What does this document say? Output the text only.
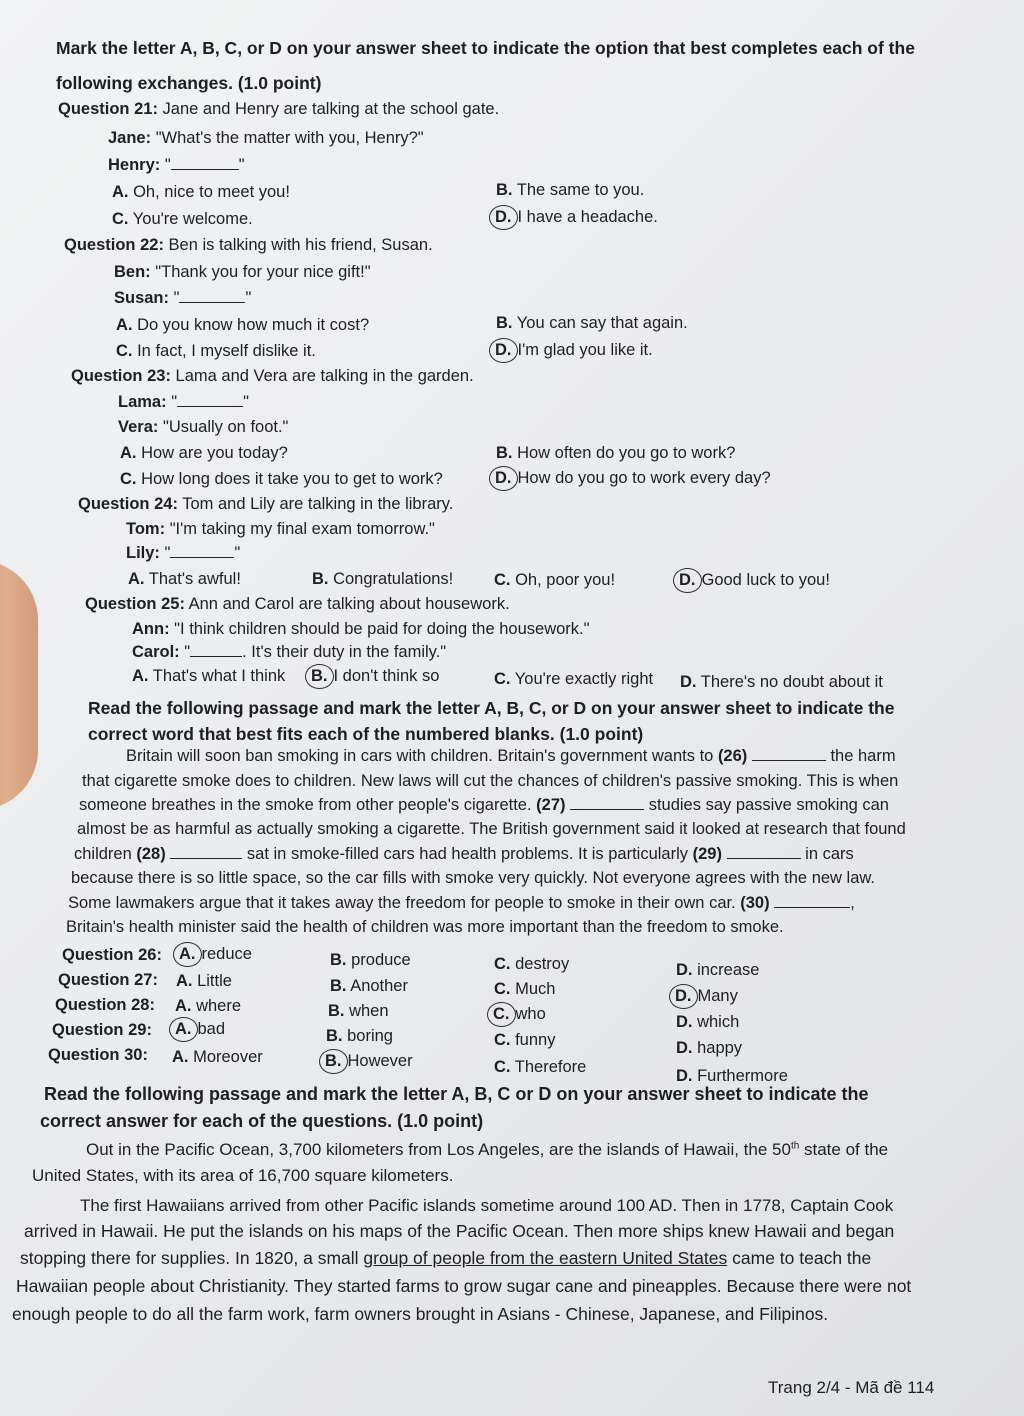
Mark the letter A, B, C, or D on your answer sheet to indicate the option that best completes each of the
following exchanges. (1.0 point)
Question 21: Jane and Henry are talking at the school gate.
Jane: "What's the matter with you, Henry?"
Henry: "	"
A. Oh, nice to meet you!	B. The same to you.
C. You're welcome.	D. I have a headache.
Question 22: Ben is talking with his friend, Susan.
Ben: "Thank you for your nice gift!"
Susan: "	"
A. Do you know how much it cost?	B. You can say that again.
C. In fact, I myself dislike it.	D. I'm glad you like it.
Question 23: Lama and Vera are talking in the garden.
Lama: "	"
Vera: "Usually on foot."
A. How are you today?	B. How often do you go to work?
C. How long does it take you to get to work?	D. How do you go to work every day?
Question 24: Tom and Lily are talking in the library.
Tom: "I'm taking my final exam tomorrow."
Lily: "	"
A. That's awful!	B. Congratulations! C. Oh, poor you!	D. Good luck to you!
Question 25: Ann and Carol are talking about housework.
Ann: "I think children should be paid for doing the housework."
Carol: "	. It's their duty in the family."
A. That's what I think B. I don't think so	C. You're exactly right D. There's no doubt about it
Read the following passage and mark the letter A, B, C, or D on your answer sheet to indicate the
correct word that best fits each of the numbered blanks. (1.0 point)
Britain will soon ban smoking in cars with children. Britain's government wants to (26)	the harm
that cigarette smoke does to children. New laws will cut the chances of children's passive smoking. This is when
someone breathes in the smoke from other people's cigarette. (27)	studies say passive smoking can
almost be as harmful as actually smoking a cigarette. The British government said it looked at research that found
children (28)	sat in smoke-filled cars had health problems. It is particularly (29)	in cars
because there is so little space, so the car fills with smoke very quickly. Not everyone agrees with the new law.
Some lawmakers argue that it takes away the freedom for people to smoke in their own car. (30)	,
Britain's health minister said the health of children was more important than the freedom to smoke.
Question 26: A. reduce	B. produce	C. destroy	D. increase
Question 27: A. Little	B. Another	C. Much	D. Many
Question 28: A. where	B. when	C. who	D. which
Question 29: A. bad	B. boring	C. funny	D. happy
Question 30: A. Moreover	B. However	C. Therefore	D. Furthermore
Read the following passage and mark the letter A, B, C or D on your answer sheet to indicate the
correct answer for each of the questions. (1.0 point)
Out in the Pacific Ocean, 3,700 kilometers from Los Angeles, are the islands of Hawaii, the 50th state of the
United States, with its area of 16,700 square kilometers.
The first Hawaiians arrived from other Pacific islands sometime around 100 AD. Then in 1778, Captain Cook
arrived in Hawaii. He put the islands on his maps of the Pacific Ocean. Then more ships knew Hawaii and began
stopping there for supplies. In 1820, a small group of people from the eastern United States came to teach the
Hawaiian people about Christianity. They started farms to grow sugar cane and pineapples. Because there were not
enough people to do all the farm work, farm owners brought in Asians - Chinese, Japanese, and Filipinos.
Trang 2/4 - Mã đề 114
